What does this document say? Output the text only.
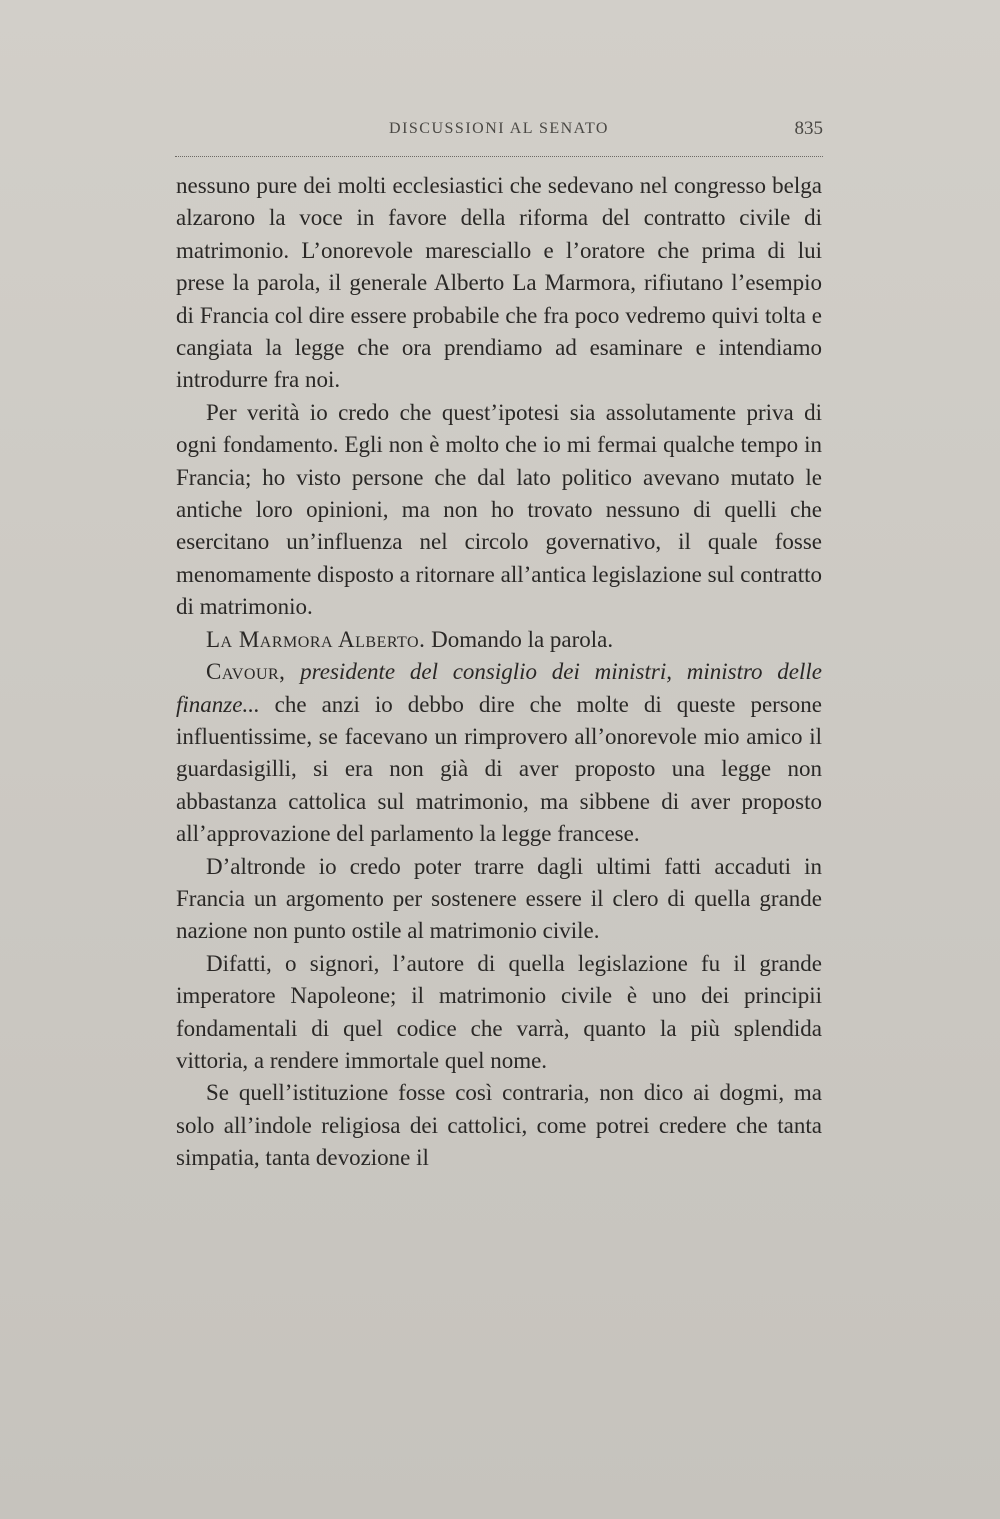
DISCUSSIONI AL SENATO	835

nessuno pure dei molti ecclesiastici che sedevano nel congresso belga alzarono la voce in favore della riforma del contratto civile di matrimonio. L’onorevole maresciallo e l’oratore che prima di lui prese la parola, il generale Alberto La Marmora, rifiutano l’esempio di Francia col dire essere probabile che fra poco vedremo quivi tolta e cangiata la legge che ora prendiamo ad esaminare e intendiamo introdurre fra noi.

Per verità io credo che quest’ipotesi sia assolutamente priva di ogni fondamento. Egli non è molto che io mi fermai qualche tempo in Francia; ho visto persone che dal lato politico avevano mutato le antiche loro opinioni, ma non ho trovato nessuno di quelli che esercitano un’influenza nel circolo governativo, il quale fosse menomamente disposto a ritornare all’antica legislazione sul contratto di matrimonio.

La Marmora Alberto. Domando la parola.

Cavour, presidente del consiglio dei ministri, ministro delle finanze... che anzi io debbo dire che molte di queste persone influentissime, se facevano un rimprovero all’onorevole mio amico il guardasigilli, si era non già di aver proposto una legge non abbastanza cattolica sul matrimonio, ma sibbene di aver proposto all’approvazione del parlamento la legge francese.

D’altronde io credo poter trarre dagli ultimi fatti accaduti in Francia un argomento per sostenere essere il clero di quella grande nazione non punto ostile al matrimonio civile.

Difatti, o signori, l’autore di quella legislazione fu il grande imperatore Napoleone; il matrimonio civile è uno dei principii fondamentali di quel codice che varrà, quanto la più splendida vittoria, a rendere immortale quel nome.

Se quell’istituzione fosse così contraria, non dico ai dogmi, ma solo all’indole religiosa dei cattolici, come potrei credere che tanta simpatia, tanta devozione il
